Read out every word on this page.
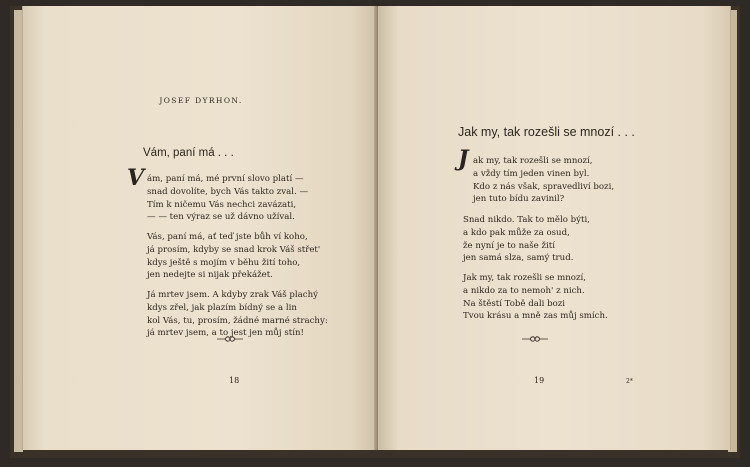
JOSEF DYRHON.
Vám, paní má . . .
V ám, paní má, mé první slovo platí —
snad dovolíte, bych Vás takto zval. —
Tím k ničemu Vás nechci zavázati,
— — ten výraz se už dávno užíval.
Vás, paní má, ať teď jste bůh ví koho,
já prosím, kdyby se snad krok Váš střet'
kdys ještě s mojím v běhu žití toho,
jen nedejte si nijak překážet.
Já mrtev jsem. A kdyby zrak Váš plachý
kdys zřel, jak plazím bídný se a lin
kol Vás, tu, prosím, žádné marné strachy:
já mrtev jsem, a to jest jen můj stín!
18
Jak my, tak rozešli se mnozí . . .
J ak my, tak rozešli se mnozí,
a vždy tím jeden vinen byl.
Kdo z nás však, spravedliví bozi,
jen tuto bídu zavinil?
Snad nikdo. Tak to mělo býti,
a kdo pak může za osud,
že nyní je to naše žití
jen samá slza, samý trud.
Jak my, tak rozešli se mnozí,
a nikdo za to nemoh' z nich.
Na štěstí Tobě dali bozi
Tvou krásu a mně zas můj smích.
19	2*
